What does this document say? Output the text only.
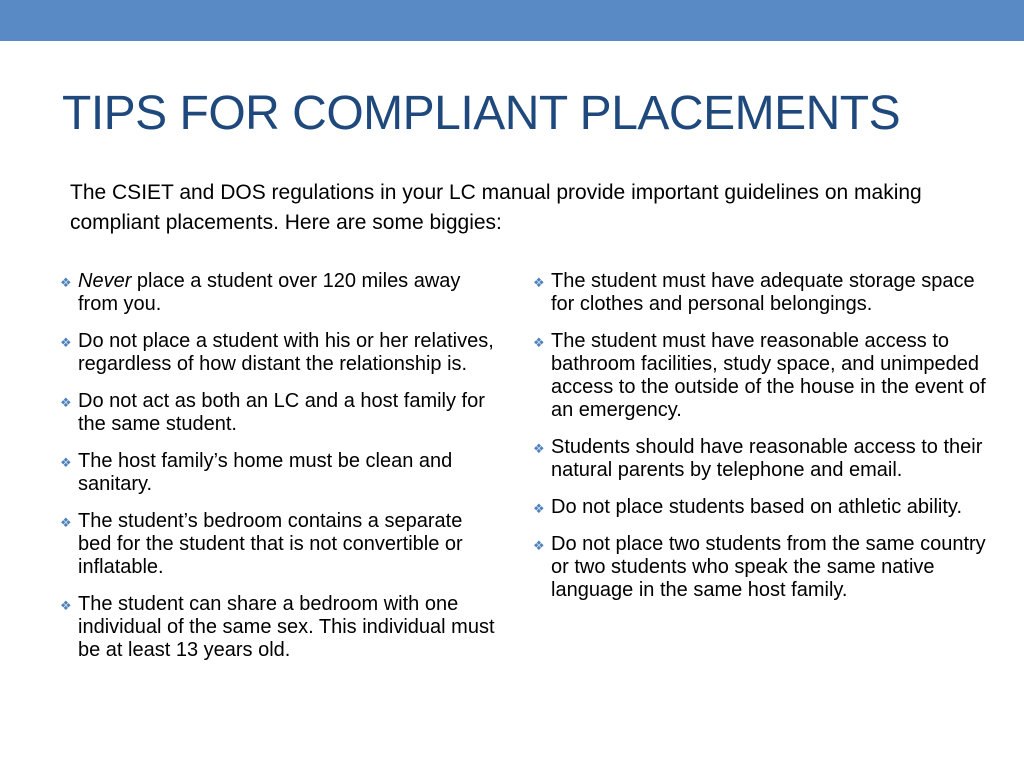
TIPS FOR COMPLIANT PLACEMENTS
The CSIET and DOS regulations in your LC manual provide important guidelines on making compliant placements. Here are some biggies:
❖ Never place a student over 120 miles away from you.
❖ Do not place a student with his or her relatives, regardless of how distant the relationship is.
❖ Do not act as both an LC and a host family for the same student.
❖ The host family’s home must be clean and sanitary.
❖ The student’s bedroom contains a separate bed for the student that is not convertible or inflatable.
❖ The student can share a bedroom with one individual of the same sex. This individual must be at least 13 years old.
❖ The student must have adequate storage space for clothes and personal belongings.
❖ The student must have reasonable access to bathroom facilities, study space, and unimpeded access to the outside of the house in the event of an emergency.
❖ Students should have reasonable access to their natural parents by telephone and email.
❖ Do not place students based on athletic ability.
❖ Do not place two students from the same country or two students who speak the same native language in the same host family.
